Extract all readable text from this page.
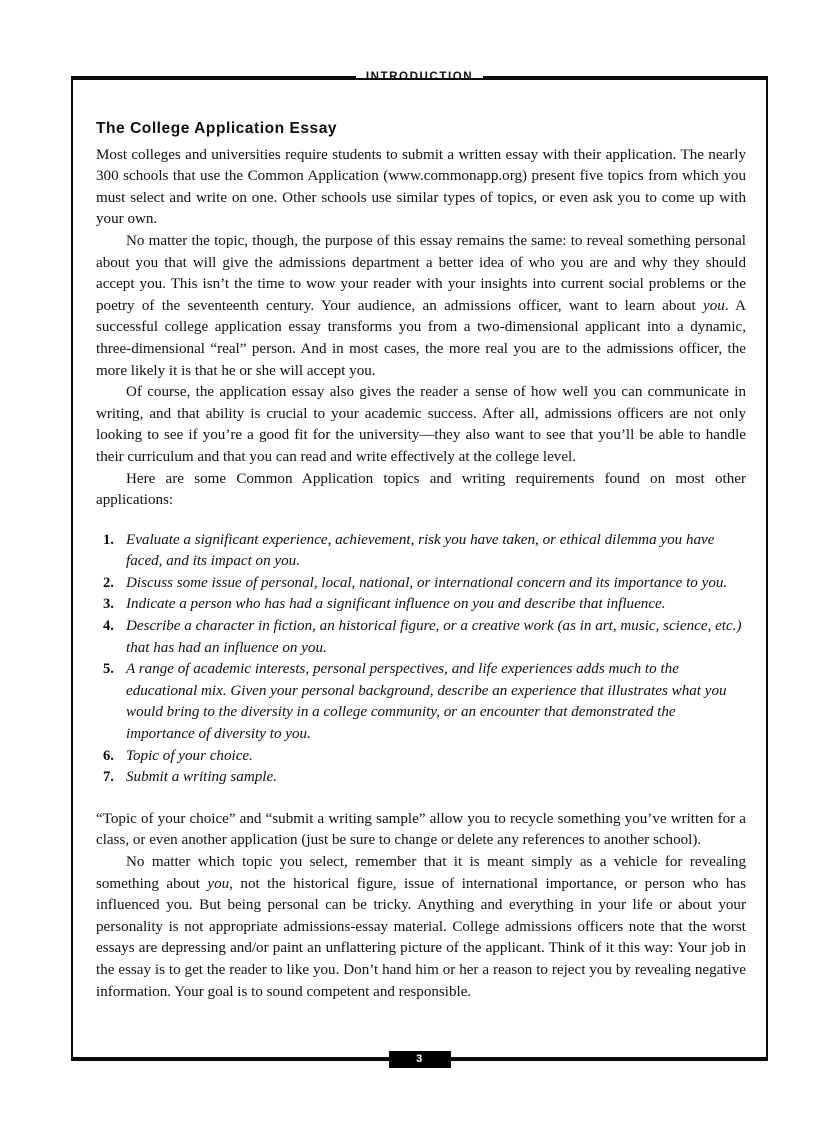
The College Application Essay

Most colleges and universities require students to submit a written essay with their application. The nearly 300 schools that use the Common Application (www.commonapp.org) present five topics from which you must select and write on one. Other schools use similar types of topics, or even ask you to come up with your own.

No matter the topic, though, the purpose of this essay remains the same: to reveal something personal about you that will give the admissions department a better idea of who you are and why they should accept you. This isn’t the time to wow your reader with your insights into current social problems or the poetry of the seventeenth century. Your audience, an admissions officer, want to learn about you. A successful college application essay transforms you from a two-dimensional applicant into a dynamic, three-dimensional “real” person. And in most cases, the more real you are to the admissions officer, the more likely it is that he or she will accept you.

Of course, the application essay also gives the reader a sense of how well you can communicate in writing, and that ability is crucial to your academic success. After all, admissions officers are not only looking to see if you’re a good fit for the university—they also want to see that you’ll be able to handle their curriculum and that you can read and write effectively at the college level.

Here are some Common Application topics and writing requirements found on most other applications:

Evaluate a significant experience, achievement, risk you have taken, or ethical dilemma you have faced, and its impact on you.
Discuss some issue of personal, local, national, or international concern and its importance to you.
Indicate a person who has had a significant influence on you and describe that influence.
Describe a character in fiction, an historical figure, or a creative work (as in art, music, science, etc.) that has had an influence on you.
A range of academic interests, personal perspectives, and life experiences adds much to the educational mix. Given your personal background, describe an experience that illustrates what you would bring to the diversity in a college community, or an encounter that demonstrated the importance of diversity to you.
Topic of your choice.
Submit a writing sample.

“Topic of your choice” and “submit a writing sample” allow you to recycle something you’ve written for a class, or even another application (just be sure to change or delete any references to another school).

No matter which topic you select, remember that it is meant simply as a vehicle for revealing something about you, not the historical figure, issue of international importance, or person who has influenced you. But being personal can be tricky. Anything and everything in your life or about your personality is not appropriate admissions-essay material. College admissions officers note that the worst essays are depressing and/or paint an unflattering picture of the applicant. Think of it this way: Your job in the essay is to get the reader to like you. Don’t hand him or her a reason to reject you by revealing negative information. Your goal is to sound competent and responsible.

3
